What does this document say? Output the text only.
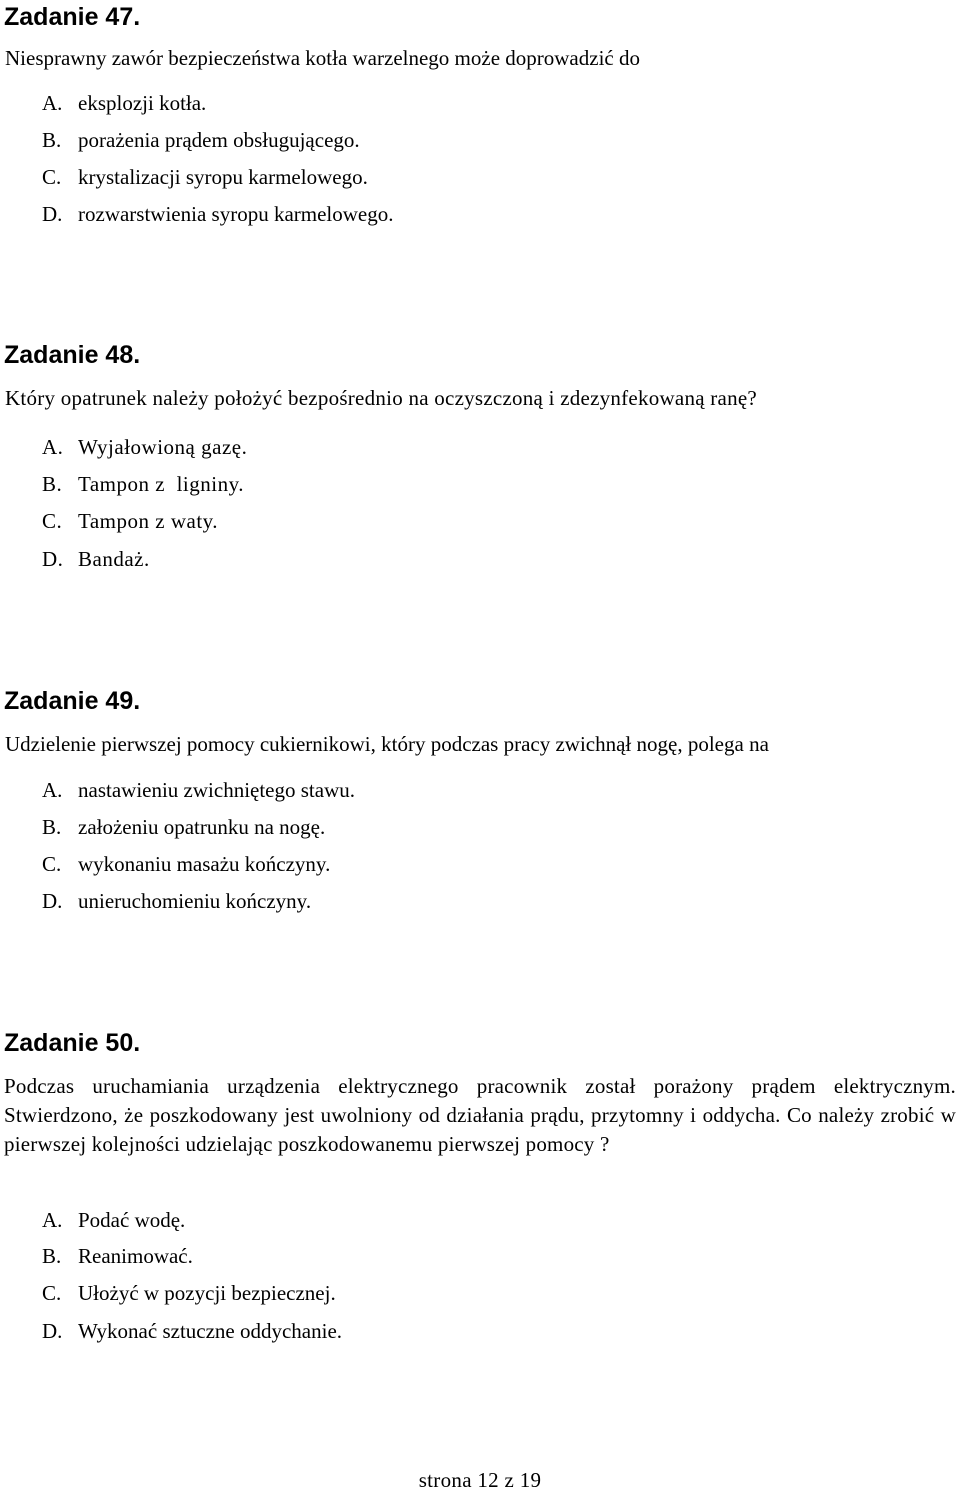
Zadanie 47.
Niesprawny zawór bezpieczeństwa kotła warzelnego może doprowadzić do
A. eksplozji kotła.
B. porażenia prądem obsługującego.
C. krystalizacji syropu karmelowego.
D. rozwarstwienia syropu karmelowego.
Zadanie 48.
Który opatrunek należy położyć bezpośrednio na oczyszczoną i zdezynfekowaną ranę?
A. Wyjałowioną gazę.
B. Tampon z  ligniny.
C. Tampon z waty.
D. Bandaż.
Zadanie 49.
Udzielenie pierwszej pomocy cukiernikowi, który podczas pracy zwichnął nogę, polega na
A. nastawieniu zwichniętego stawu.
B. założeniu opatrunku na nogę.
C. wykonaniu masażu kończyny.
D. unieruchomieniu kończyny.
Zadanie 50.
Podczas uruchamiania urządzenia elektrycznego pracownik został porażony prądem elektrycznym. Stwierdzono, że poszkodowany jest uwolniony od działania prądu, przytomny i oddycha. Co należy zrobić w pierwszej kolejności udzielając poszkodowanemu pierwszej pomocy ?
A. Podać wodę.
B. Reanimować.
C. Ułożyć w pozycji bezpiecznej.
D. Wykonać sztuczne oddychanie.
strona 12 z 19
